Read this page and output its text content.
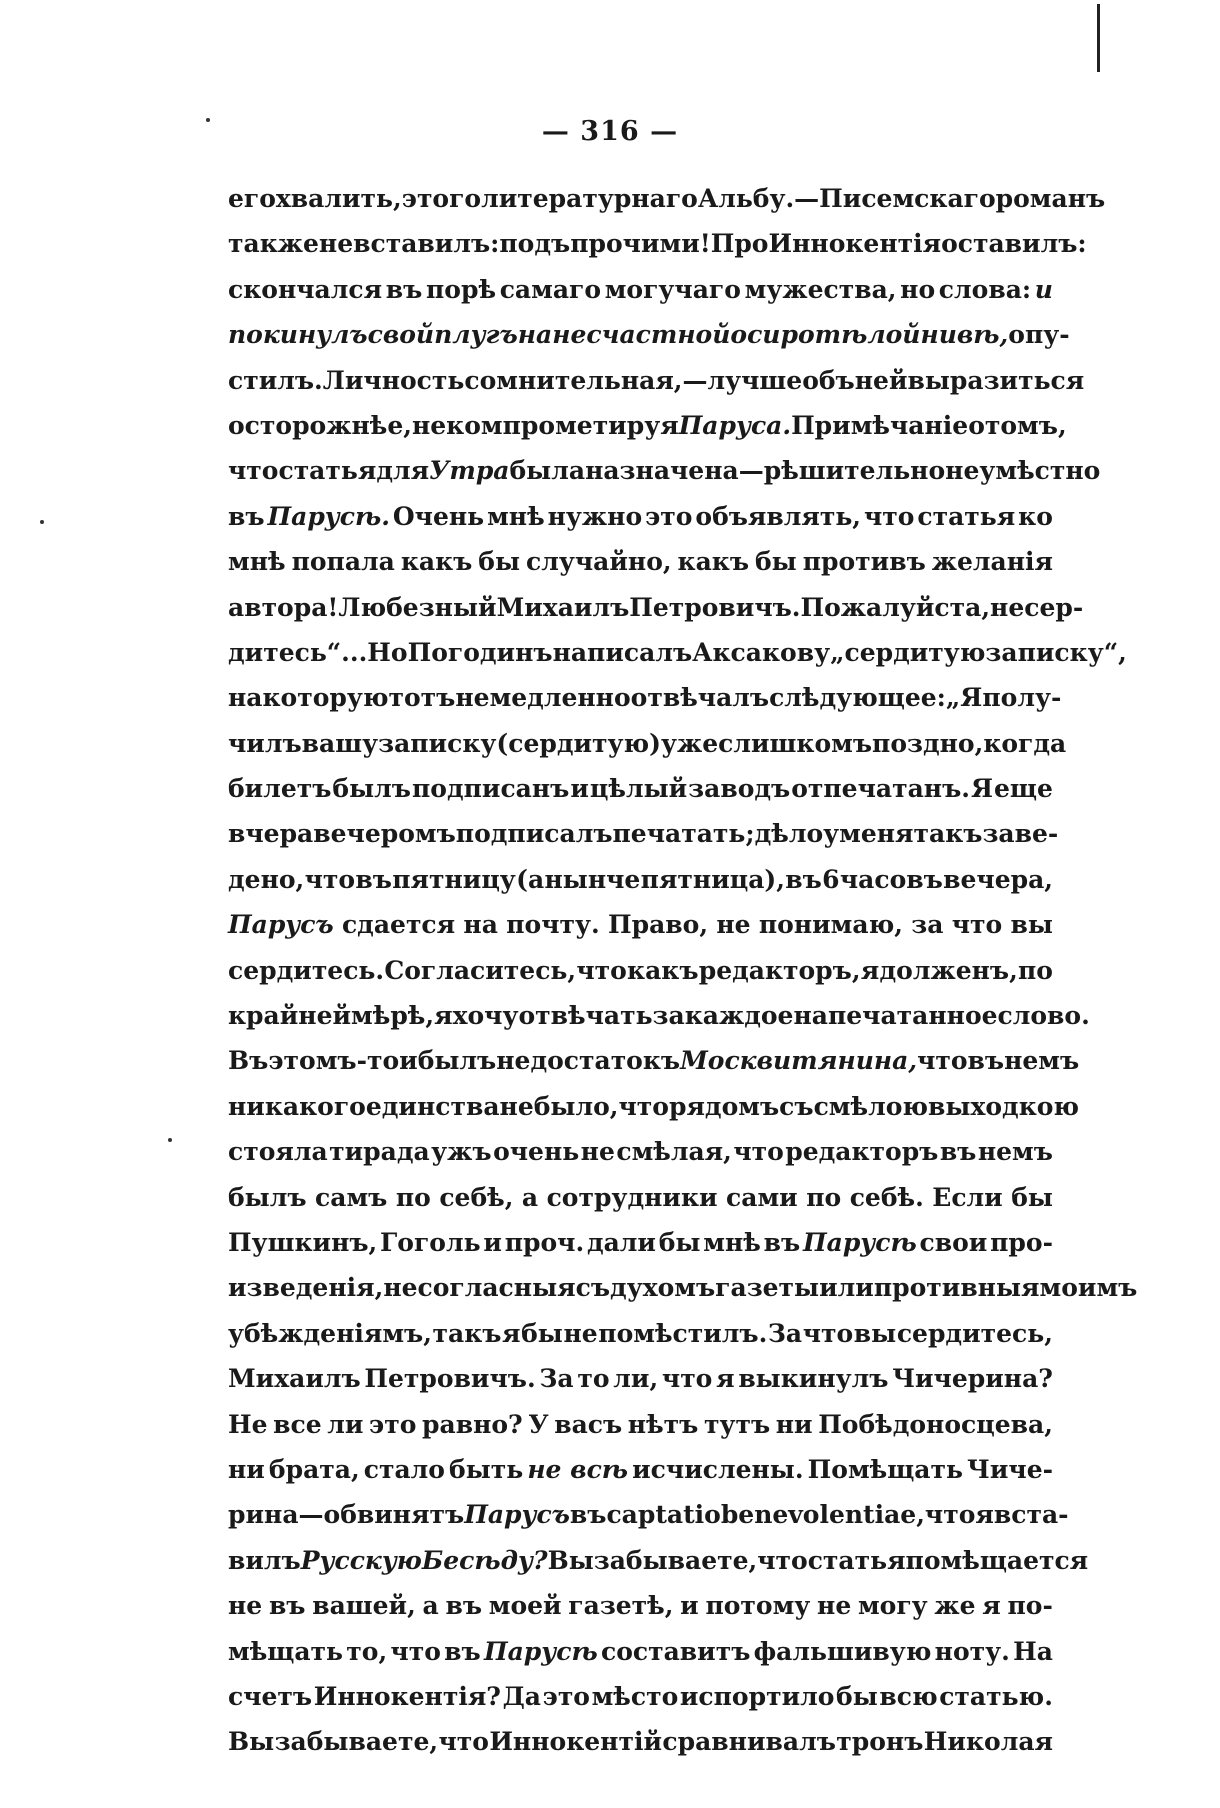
— 316 —
его хвалить, этого литературнаго Альбу.—Писемскаго романъ
также не вставилъ: подъ прочими! Про Иннокентія оставилъ:
скончался въ порѣ самаго могучаго мужества, но слова: и
покинулъ свой плугъ на несчастной осиротѣлой нивѣ, опу-
стилъ. Личность сомнительная,—лучше объ ней выразиться
осторожнѣе, не компрометируя Паруса. Примѣчаніе о томъ,
что статья для Утра была назначена—рѣшительно неумѣстно
въ Парусѣ. Очень мнѣ нужно это объявлять, что статья ко
мнѣ попала какъ бы случайно, какъ бы противъ желанія
автора! Любезный Михаилъ Петровичъ. Пожалуйста, не сер-
дитесь“... Но Погодинъ написалъ Аксакову „сердитую записку“,
на которую тотъ немедленно отвѣчалъ слѣдующее: „Я полу-
чилъ вашу записку (сердитую) уже слишкомъ поздно, когда
билетъ былъ подписанъ и цѣлый заводъ отпечатанъ. Я еще
вчера вечеромъ подписалъ печатать; дѣло у меня такъ заве-
дено, что въ пятницу (а нынче пятница), въ 6 часовъ вечера,
Парусъ сдается на почту. Право, не понимаю, за что вы
сердитесь. Согласитесь, что какъ редакторъ, я долженъ, по
крайней мѣрѣ, я хочу отвѣчать за каждое напечатанное слово.
Въ этомъ-то и былъ недостатокъ Москвитянина, что въ немъ
никакого единства не было, что рядомъ съ смѣлою выходкою
стояла тирада ужъ очень не смѣлая, что редакторъ въ немъ
былъ самъ по себѣ, а сотрудники сами по себѣ. Если бы
Пушкинъ, Гоголь и проч. дали бы мнѣ въ Парусѣ свои про-
изведенія, несогласныя съ духомъ газеты или противныя моимъ
убѣжденіямъ, такъ я бы не помѣстилъ. За что вы сердитесь,
Михаилъ Петровичъ. За то ли, что я выкинулъ Чичерина?
Не все ли это равно? У васъ нѣтъ тутъ ни Побѣдоносцева,
ни брата, стало быть не всѣ исчислены. Помѣщать Чиче-
рина—обвинятъ Парусъ въ captatio benevolentiae, что я вста-
вилъ Русскую Бесѣду? Вы забываете, что статья помѣщается
не въ вашей, а въ моей газетѣ, и потому не могу же я по-
мѣщать то, что въ Парусѣ составитъ фальшивую ноту. На
счетъ Иннокентія? Да это мѣсто испортило бы всю статью.
Вы забываете, что Иннокентій сравнивалъ тронъ Николая
